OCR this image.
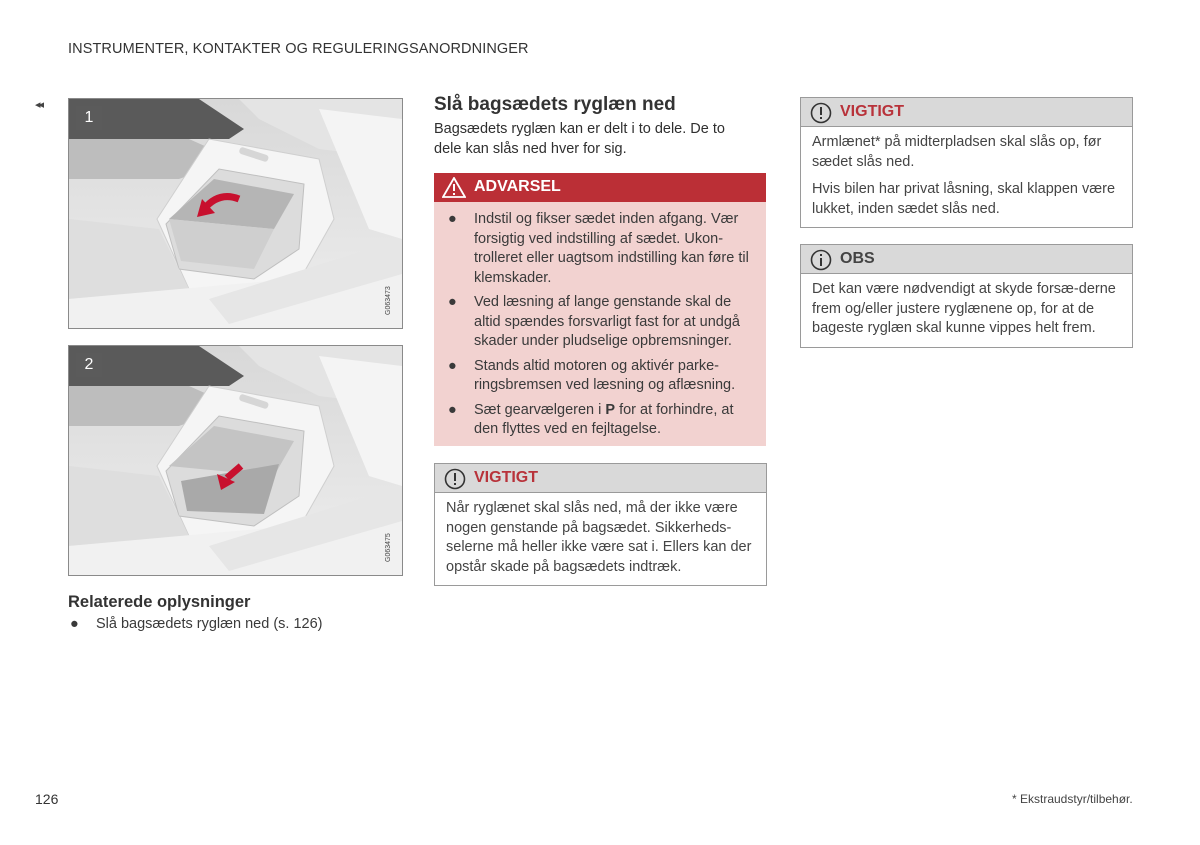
INSTRUMENTER, KONTAKTER OG REGULERINGSANORDNINGER
◂◂
1
G063473
2
G063475
Relaterede oplysninger
● Slå bagsædets ryglæn ned (s. 126)
Slå bagsædets ryglæn ned
Bagsædets ryglæn kan er delt i to dele. De to dele kan slås ned hver for sig.
ADVARSEL
● Indstil og fikser sædet inden afgang. Vær forsigtig ved indstilling af sædet. Ukon-trolleret eller uagtsom indstilling kan føre til klemskader.
● Ved læsning af lange genstande skal de altid spændes forsvarligt fast for at undgå skader under pludselige opbremsninger.
● Stands altid motoren og aktivér parke-ringsbremsen ved læsning og aflæsning.
● Sæt gearvælgeren i P for at forhindre, at den flyttes ved en fejltagelse.
VIGTIGT
Når ryglænet skal slås ned, må der ikke være nogen genstande på bagsædet. Sikkerheds-selerne må heller ikke være sat i. Ellers kan der opstår skade på bagsædets indtræk.
VIGTIGT

Armlænet* på midterpladsen skal slås op, før sædet slås ned.

Hvis bilen har privat låsning, skal klappen være lukket, inden sædet slås ned.

OBS
Det kan være nødvendigt at skyde forsæ-derne frem og/eller justere ryglænene op, for at de bageste ryglæn skal kunne vippes helt frem.
126	* Ekstraudstyr/tilbehør.
